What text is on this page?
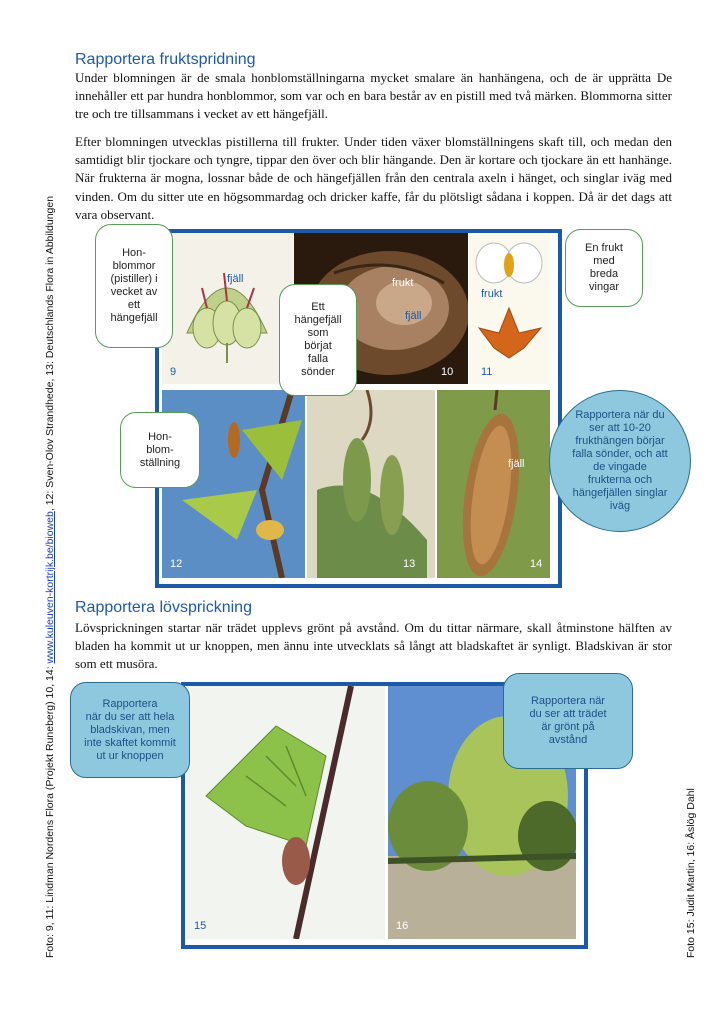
Foto: 9, 11: Lindman Nordens Flora (Projekt Runeberg) 10, 14: www.kuleuven-kortrijk.be/bioweb, 12: Sven-Olov Strandhede, 13: Deutschlands Flora in Abbildungen
Foto 15: Judit Martin, 16: Åslög Dahl
Rapportera fruktspridning

Under blomningen är de smala honblomställningarna mycket smalare än hanhängena, och de är upprätta De innehåller ett par hundra honblommor, som var och en bara består av en pistill med två märken. Blommorna sitter tre och tre tillsammans i vecket av ett hängefjäll.

Efter blomningen utvecklas pistillerna till frukter. Under tiden växer blomställningens skaft till, och medan den samtidigt blir tjockare och tyngre, tippar den över och blir hängande. Den är kortare och tjockare än ett hanhänge. När frukterna är mogna, lossnar både de och hängefjällen från den centrala axeln i hänget, och singlar iväg med vinden. Om du sitter ute en högsommardag och dricker kaffe, får du plötsligt sådana i koppen. Då är det dags att vara observant.

fjäll
9
frukt
fjäll
10
frukt
11
12	13
fjäll
14
Hon-
blommor
(pistiller) i
vecket av
ett
hängefjäll
Ett
hängefjäll
som
börjat
falla
sönder
En frukt
med
breda
vingar
Hon-
blom-
ställning
Rapportera när du
ser att 10-20
frukthängen börjar
falla sönder, och att
de vingade
frukterna och
hängefjällen singlar
iväg
Rapportera lövsprickning

Lövsprickningen startar när trädet upplevs grönt på avstånd. Om du tittar närmare, skall åtminstone hälften av bladen ha kommit ut ur knoppen, men ännu inte utvecklats så långt att bladskaftet är synligt. Bladskivan är stor som ett musöra.

15	16
Rapportera
när du ser att hela
bladskivan, men
inte skaftet kommit
ut ur knoppen
Rapportera när
du ser att trädet
är grönt på
avstånd
